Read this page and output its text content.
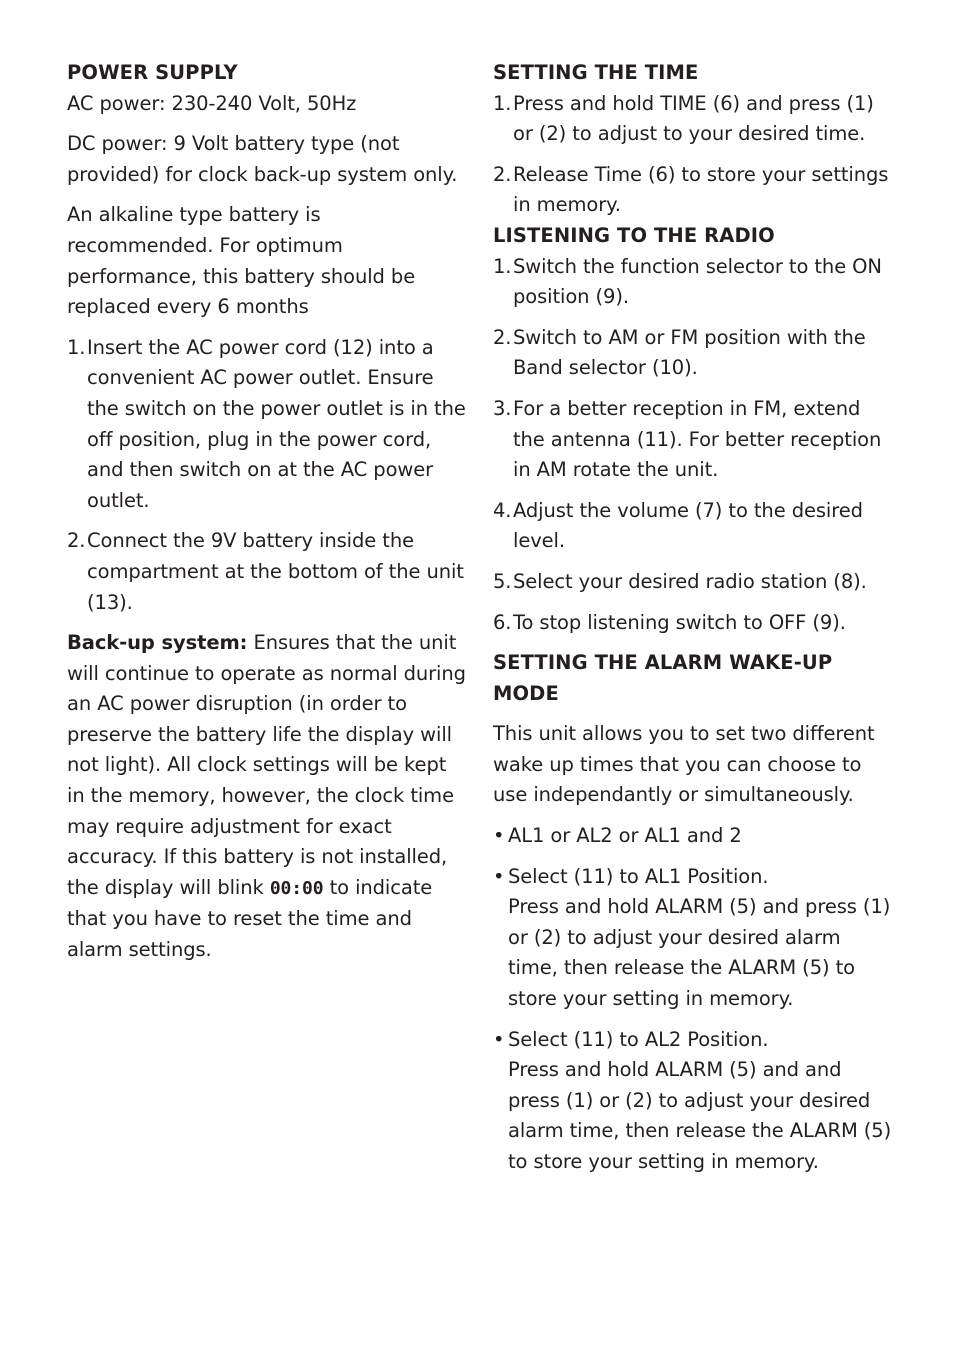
POWER SUPPLY

AC power: 230-240 Volt, 50Hz

DC power: 9 Volt battery type (not provided) for clock back-up system only.

An alkaline type battery is recommended. For optimum performance, this battery should be replaced every 6 months

1. Insert the AC power cord (12) into a convenient AC power outlet. Ensure the switch on the power outlet is in the off position, plug in the power cord, and then switch on at the AC power outlet.
2. Connect the 9V battery inside the compartment at the bottom of the unit (13).

Back-up system: Ensures that the unit will continue to operate as normal during an AC power disruption (in order to preserve the battery life the display will not light). All clock settings will be kept in the memory, however, the clock time may require adjustment for exact accuracy. If this battery is not installed, the display will blink 00:00 to indicate that you have to reset the time and alarm settings.

SETTING THE TIME
1. Press and hold TIME (6) and press (1) or (2) to adjust to your desired time.
2. Release Time (6) to store your settings in memory.
LISTENING TO THE RADIO
1. Switch the function selector to the ON position (9).
2. Switch to AM or FM position with the Band selector (10).
3. For a better reception in FM, extend the antenna (11). For better reception in AM rotate the unit.
4. Adjust the volume (7) to the desired level.
5. Select your desired radio station (8).
6. To stop listening switch to OFF (9).
SETTING THE ALARM WAKE-UP MODE

This unit allows you to set two different wake up times that you can choose to use independantly or simultaneously.

• AL1 or AL2 or AL1 and 2

• Select (11) to AL1 Position.
Press and hold ALARM (5) and press (1) or (2) to adjust your desired alarm time, then release the ALARM (5) to store your setting in memory.

• Select (11) to AL2 Position.
Press and hold ALARM (5) and and press (1) or (2) to adjust your desired alarm time, then release the ALARM (5) to store your setting in memory.
